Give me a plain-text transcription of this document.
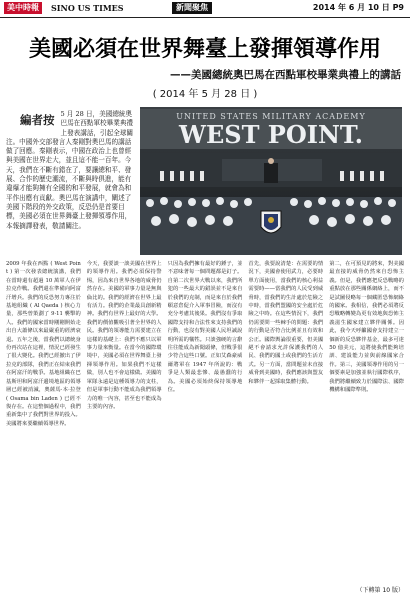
美中時報	SINO US TIMES	新聞聚焦	2014 年 6 月 10 日 P9
美國必須在世界舞臺上發揮領導作用
——美國總統奧巴馬在西點軍校畢業典禮上的講話
( 2014 年 5 月 28 日 )
編者按 5 月 28 日，美國總統奧巴馬在西點軍校畢業典禮上發表講話，引起全球關注。中國外交部發言人秦剛對奧巴馬的講話做了回應。秦剛表示，中國在政治上也曾經與美國在世界走大，並且這不能一百年。今天，我們在不斷有錯在了，要讓總和平、發展、合作的歷史潮流，不斷與時俱進，能有違爆才能夠擁有全國的和平發展，就會為和平作出應有貢獻。奧巴馬在演講中，闡述了美國下階段的外交政策，反恐仍是首要目標，美國必須在世界舞臺上發揮領導作用，本報摘譯發表，敬請關注。
UNITED STATES MILITARY ACADEMY
WEST POINT.
2009 年我在西點 ( West Point ) 第一次發表總統演講，我們在當時還有超過 10 萬軍人在伊拉克作戰。我們還在準備向阿富汗增兵。我們的反恐努力專注於基地組織 ( Al Qaeda ) 核心力量，那些曾策劃了 9·11 襲擊的人。我們的國家當時剛剛開始走出自大蕭條以來最嚴重的經濟衰退。五年之後，當我們以總統身份再次站在這裡，情況已經發生了很大變化。我們已經撤出了伊拉克的部隊，我們正在結束我們在阿富汗的戰爭。基地組織在巴基斯坦和阿富汗邊境地區的領導層已經被消滅，奧薩馬·本·拉登 ( Osama bin Laden ) 已經不復存在。在這整個過程中，我們重新集中了我們對世界的投入。美國將來要繼續領導世界。
今天，我要談一談美國在世界上的領導作用。我們必須保持警惕，因為來自世界各地的威脅仍然存在。美國的軍事力量是無與倫比的。我們的經濟在世界上最有活力。我們的企業最具創新精神。我們有世界上最好的大學。我們的價值觀吸引著全世界的人民。我們的領導能力需要建立在這樣的基礎上：我們不應只以軍事力量來衡量。在當今的國際環境中，美國必須在世界舞臺上發揮領導作用。如果我們不這樣做，別人也不會這樣做。美國的軍隊永遠是這種領導力的支柱，但是軍事行動不能成為我們領導力的唯一內容，甚至也不能成為主要的內容。
只因為我們擁有最好的錘子，並不意味著每一個問題都是釘子。自第二次世界大戰以來，我們所犯的一些最大的錯誤並不是來自於我們的克制，而是來自於我們願意倉促介入軍事冒險，而沒有充分考慮其後果。我們沒有爭取國際支持和合法性來支持我們的行動，也沒有對美國人民坦誠說明所需的犧牲。只談強硬的言辭往往能成為新聞頭條，但戰爭很少符合這些口號。正如艾森豪威爾將軍在 1947 年所說的：戰爭是人類最悲慘、最愚蠢的行為。美國必須始終保持領導地位。
首先，我要說清楚：在需要的情況下，美國會使用武力，必要時單方面使用，當我們的核心利益需要時——當我們的人民受到威脅時，當我們的生計處於危險之中時，當我們盟國的安全處於危險之中時。在這些情況下，我們仍需要問一些棘手的問題：我們的行動是否符合比例並且有效和公正。國際輿論很重要，但美國絕不會請求允許保護我們的人民、我們的國土或我們的生活方式。另一方面，當問題並未直接威脅到美國時，我們應該與盟友和夥伴一起採取集體行動。
第二，在可預見的將來，對美國最直接的威脅仍然來自恐怖主義。但是，我們應把反恐戰略的重點放在那些關係網絡上，而不是試圖侵略每一個藏匿恐怖網絡的國家。我相信，我們必須將反恐戰略轉變為更有效地與恐怖主義滋生國家建立夥伴關係。因此，我今天呼籲國會支持建立一個新的反恐夥伴基金，最多可達 50 億美元，這將使我們能夠培訓、建設能力並與前線國家合作。第三，美國領導作用的另一個要素是加強並執行國際秩序，我們將繼續致力於國際法、國際機構和國際準則。
（下轉第 10 版）
